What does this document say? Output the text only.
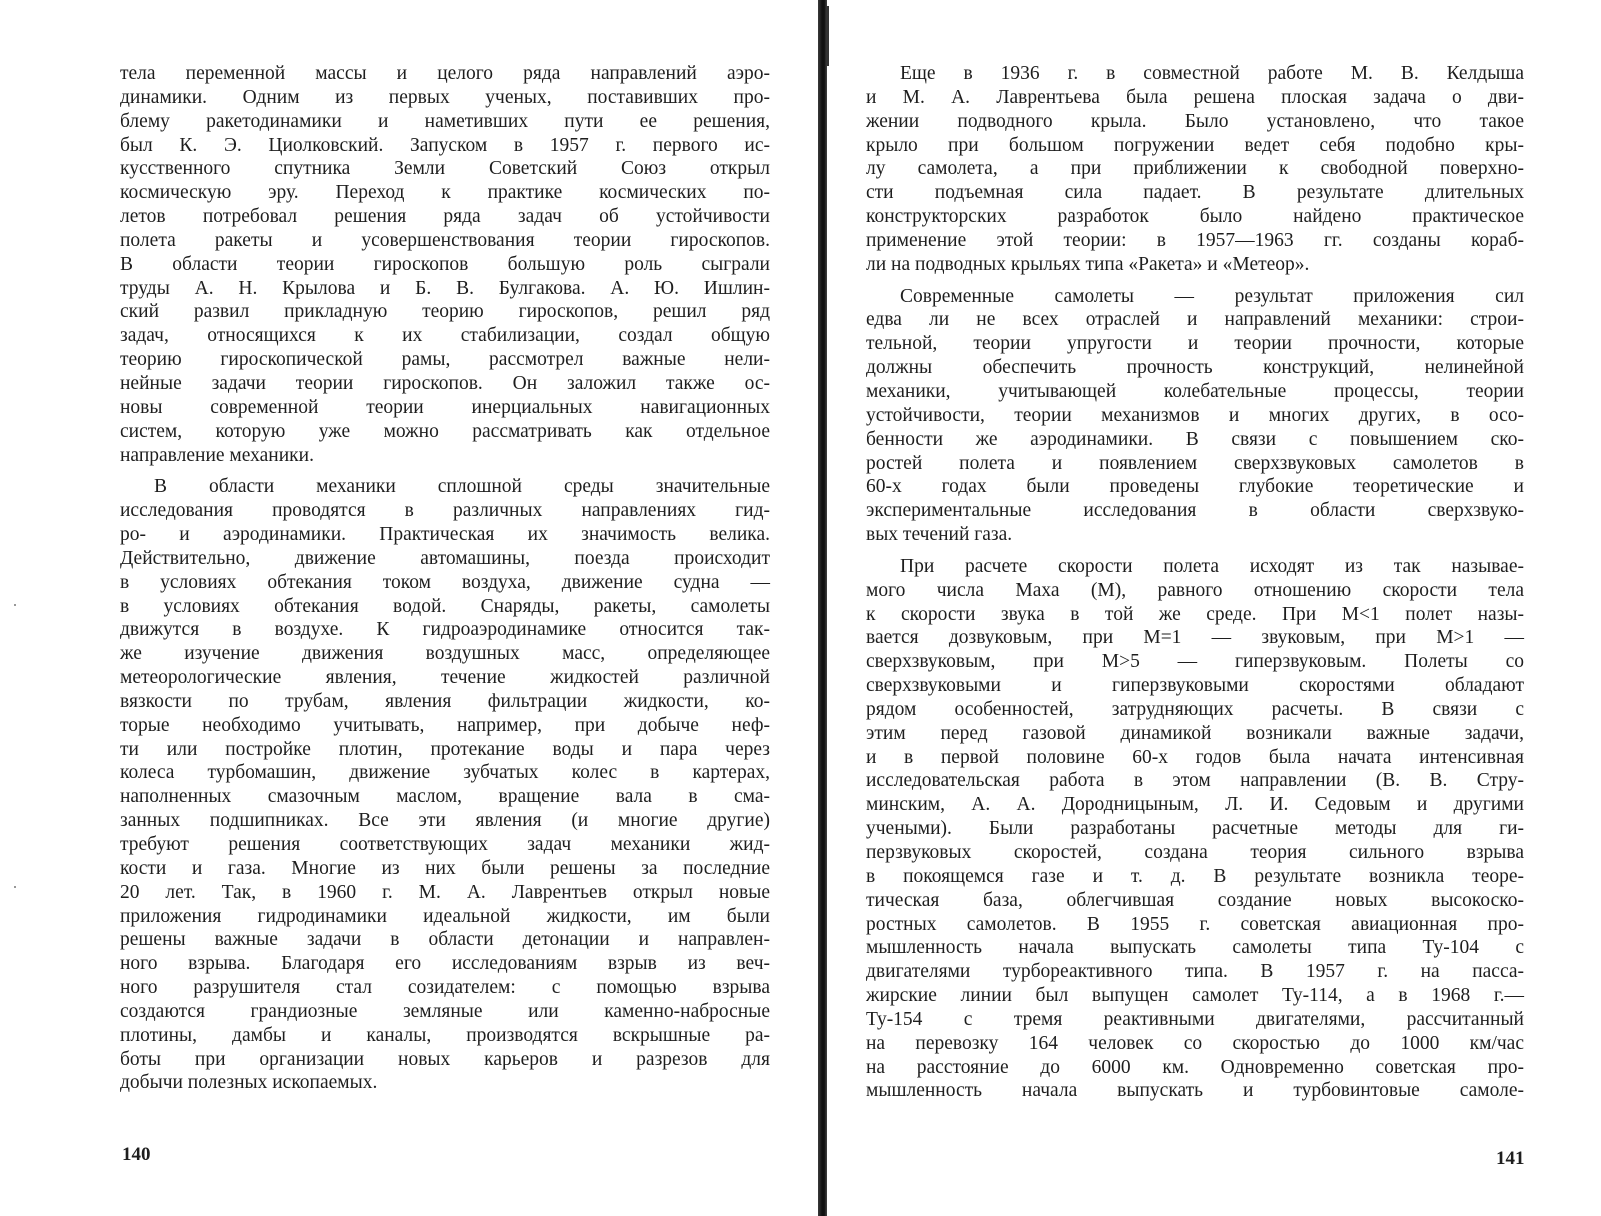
тела переменной массы и целого ряда направлений аэро-
динамики. Одним из первых ученых, поставивших про-
блему ракетодинамики и наметивших пути ее решения,
был К. Э. Циолковский. Запуском в 1957 г. первого ис-
кусственного спутника Земли Советский Союз открыл
космическую эру. Переход к практике космических по-
летов потребовал решения ряда задач об устойчивости
полета ракеты и усовершенствования теории гироскопов.
В области теории гироскопов большую роль сыграли
труды А. Н. Крылова и Б. В. Булгакова. А. Ю. Ишлин-
ский развил прикладную теорию гироскопов, решил ряд
задач, относящихся к их стабилизации, создал общую
теорию гироскопической рамы, рассмотрел важные нели-
нейные задачи теории гироскопов. Он заложил также ос-
новы современной теории инерциальных навигационных
систем, которую уже можно рассматривать как отдельное
направление механики.
В области механики сплошной среды значительные
исследования проводятся в различных направлениях гид-
ро- и аэродинамики. Практическая их значимость велика.
Действительно, движение автомашины, поезда происходит
в условиях обтекания током воздуха, движение судна —
в условиях обтекания водой. Снаряды, ракеты, самолеты
движутся в воздухе. К гидроаэродинамике относится так-
же изучение движения воздушных масс, определяющее
метеорологические явления, течение жидкостей различной
вязкости по трубам, явления фильтрации жидкости, ко-
торые необходимо учитывать, например, при добыче неф-
ти или постройке плотин, протекание воды и пара через
колеса турбомашин, движение зубчатых колес в картерах,
наполненных смазочным маслом, вращение вала в сма-
занных подшипниках. Все эти явления (и многие другие)
требуют решения соответствующих задач механики жид-
кости и газа. Многие из них были решены за последние
20 лет. Так, в 1960 г. М. А. Лаврентьев открыл новые
приложения гидродинамики идеальной жидкости, им были
решены важные задачи в области детонации и направлен-
ного взрыва. Благодаря его исследованиям взрыв из веч-
ного разрушителя стал созидателем: с помощью взрыва
создаются грандиозные земляные или каменно-набросные
плотины, дамбы и каналы, производятся вскрышные ра-
боты при организации новых карьеров и разрезов для
добычи полезных ископаемых.
140
Еще в 1936 г. в совместной работе М. В. Келдыша
и М. А. Лаврентьева была решена плоская задача о дви-
жении подводного крыла. Было установлено, что такое
крыло при большом погружении ведет себя подобно кры-
лу самолета, а при приближении к свободной поверхно-
сти подъемная сила падает. В результате длительных
конструкторских разработок было найдено практическое
применение этой теории: в 1957—1963 гг. созданы кораб-
ли на подводных крыльях типа «Ракета» и «Метеор».
Современные самолеты — результат приложения сил
едва ли не всех отраслей и направлений механики: строи-
тельной, теории упругости и теории прочности, которые
должны обеспечить прочность конструкций, нелинейной
механики, учитывающей колебательные процессы, теории
устойчивости, теории механизмов и многих других, в осо-
бенности же аэродинамики. В связи с повышением ско-
ростей полета и появлением сверхзвуковых самолетов в
60-х годах были проведены глубокие теоретические и
экспериментальные исследования в области сверхзвуко-
вых течений газа.
При расчете скорости полета исходят из так называе-
мого числа Маха (М), равного отношению скорости тела
к скорости звука в той же среде. При М<1 полет назы-
вается дозвуковым, при М=1 — звуковым, при М>1 —
сверхзвуковым, при М>5 — гиперзвуковым. Полеты со
сверхзвуковыми и гиперзвуковыми скоростями обладают
рядом особенностей, затрудняющих расчеты. В связи с
этим перед газовой динамикой возникали важные задачи,
и в первой половине 60-х годов была начата интенсивная
исследовательская работа в этом направлении (В. В. Стру-
минским, А. А. Дородницыным, Л. И. Седовым и другими
учеными). Были разработаны расчетные методы для ги-
перзвуковых скоростей, создана теория сильного взрыва
в покоящемся газе и т. д. В результате возникла теоре-
тическая база, облегчившая создание новых высокоско-
ростных самолетов. В 1955 г. советская авиационная про-
мышленность начала выпускать самолеты типа Ту-104 с
двигателями турбореактивного типа. В 1957 г. на пасса-
жирские линии был выпущен самолет Ту-114, а в 1968 г.—
Ту-154 с тремя реактивными двигателями, рассчитанный
на перевозку 164 человек со скоростью до 1000 км/час
на расстояние до 6000 км. Одновременно советская про-
мышленность начала выпускать и турбовинтовые самоле-
141
